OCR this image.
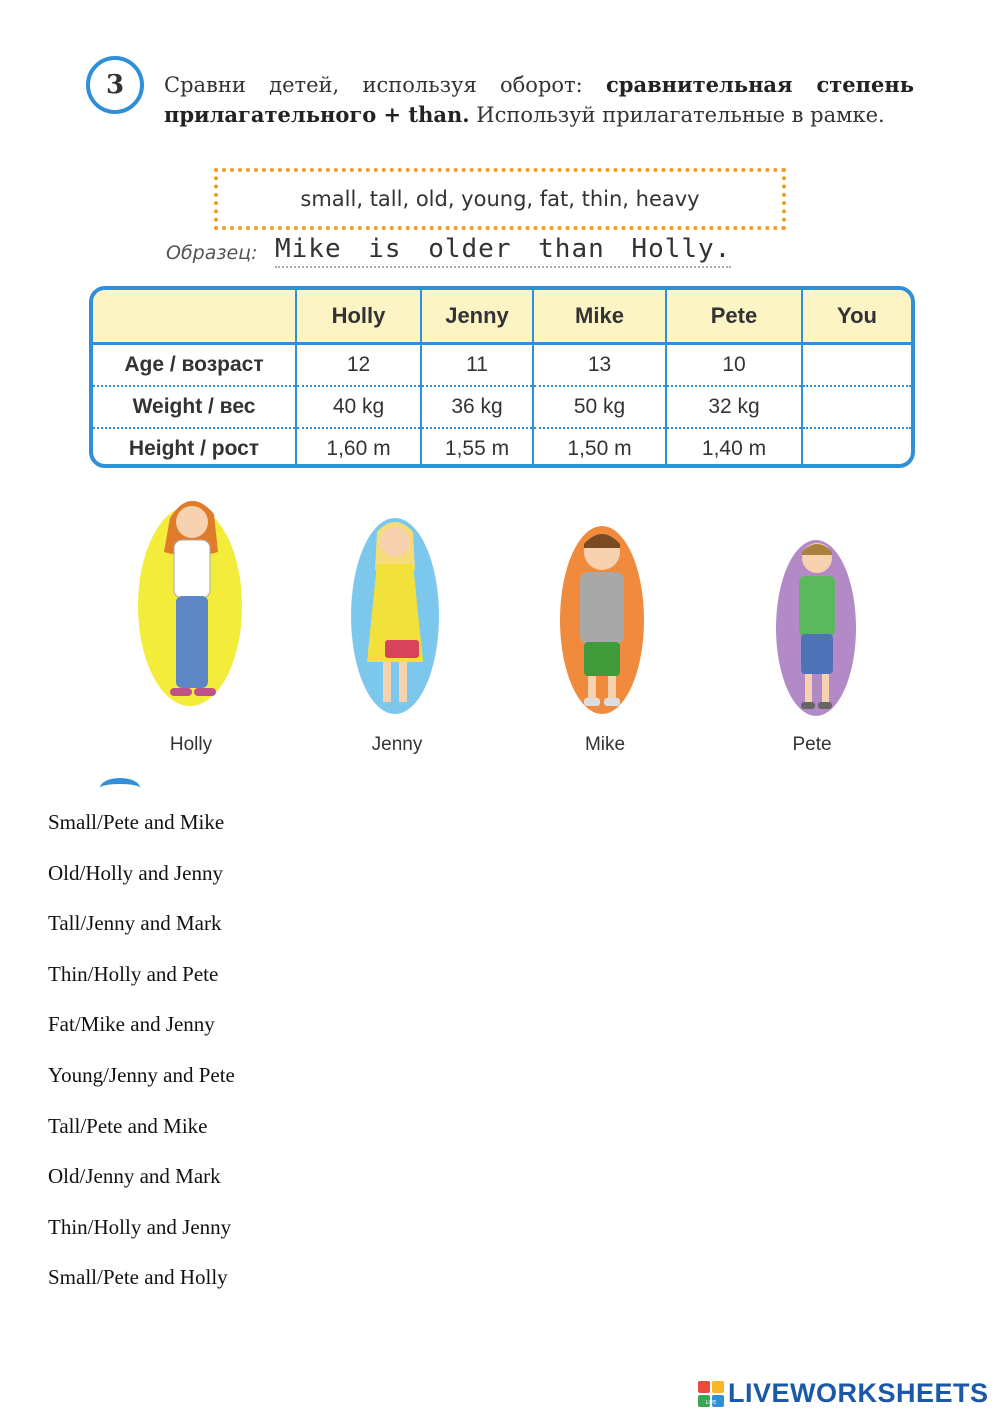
3 Сравни детей, используя оборот: сравнительная степень прилагательного + than. Используй прилагательные в рамке.
small, tall, old, young, fat, thin, heavy
Образец: Mike is older than Holly.
	Holly	Jenny	Mike	Pete	You
Age / возраст	12	11	13	10	
Weight / вес	40 kg	36 kg	50 kg	32 kg	
Height / рост	1,60 m	1,55 m	1,50 m	1,40 m	
Holly	Jenny	Mike	Pete
Small/Pete and Mike
Old/Holly and Jenny
Tall/Jenny and Mark
Thin/Holly and Pete
Fat/Mike and Jenny
Young/Jenny and Pete
Tall/Pete and Mike
Old/Jenny and Mark
Thin/Holly and Jenny
Small/Pete and Holly
LIVE LIVEWORKSHEETS
